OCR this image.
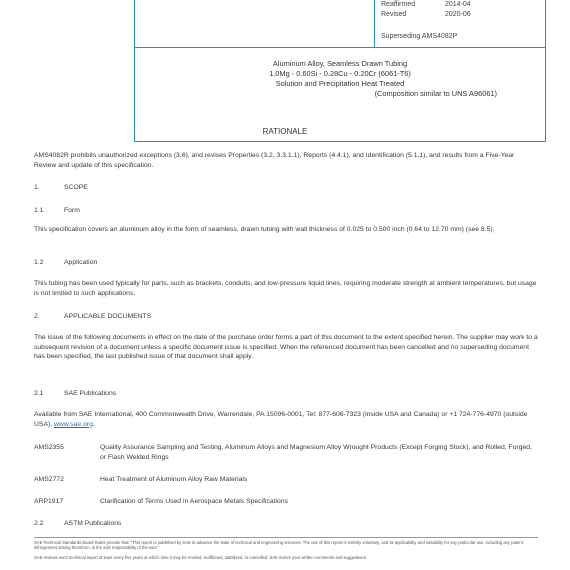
Reaffirmed	2014-04
Revised	2020-06
Superseding AMS4082P
Aluminum Alloy, Seamless Drawn Tubing
1.0Mg - 0.60Si - 0.28Cu - 0.20Cr (6061-T6)
Solution and Precipitation Heat Treated
(Composition similar to UNS A96061)
RATIONALE
AMS4082R prohibits unauthorized exceptions (3.6), and revises Properties (3.2, 3.3.1.1), Reports (4.4.1), and Identification (5.1.1), and results from a Five-Year Review and update of this specification.
1.	SCOPE
1.1	Form
This specification covers an aluminum alloy in the form of seamless, drawn tubing with wall thickness of 0.025 to 0.500 inch (0.64 to 12.70 mm) (see 8.5).
1.2	Application
This tubing has been used typically for parts, such as brackets, conduits, and low-pressure liquid lines, requiring moderate strength at ambient temperatures, but usage is not limited to such applications.
2.	APPLICABLE DOCUMENTS
The issue of the following documents in effect on the date of the purchase order forms a part of this document to the extent specified herein. The supplier may work to a subsequent revision of a document unless a specific document issue is specified. When the referenced document has been cancelled and no superseding document has been specified, the last published issue of that document shall apply.
2.1	SAE Publications
Available from SAE International, 400 Commonwealth Drive, Warrendale, PA 15096-0001, Tel: 877-606-7323 (inside USA and Canada) or +1 724-776-4970 (outside USA), www.sae.org.
AMS2355	Quality Assurance Sampling and Testing, Aluminum Alloys and Magnesium Alloy Wrought Products (Except Forging Stock), and Rolled, Forged, or Flash Welded Rings
AMS2772	Heat Treatment of Aluminum Alloy Raw Materials
ARP1917	Clarification of Terms Used in Aerospace Metals Specifications
2.2	ASTM Publications
SAE Technical Standards Board Rules provide that: "This report is published by SAE to advance the state of technical and engineering sciences. The use of this report is entirely voluntary, and its applicability and suitability for any particular use, including any patent infringement arising therefrom, is the sole responsibility of the user."
SAE reviews each technical report at least every five years at which time it may be revised, reaffirmed, stabilized, or cancelled. SAE invites your written comments and suggestions.
